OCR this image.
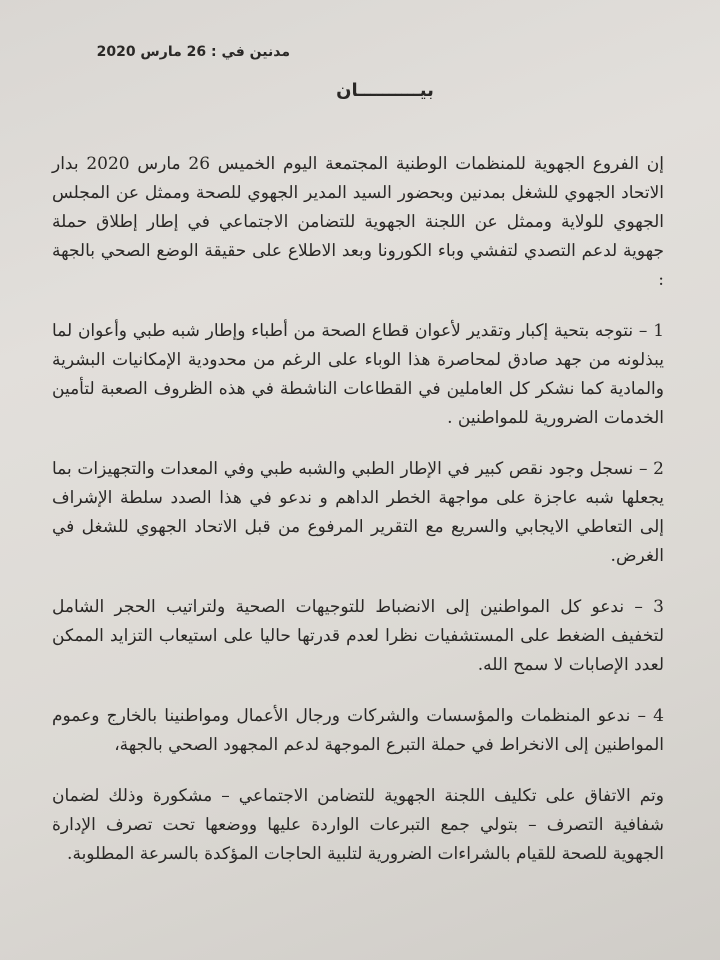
مدنين في : 26 مارس 2020
بيــــــــــان

إن الفروع الجهوية للمنظمات الوطنية المجتمعة اليوم الخميس 26 مارس 2020 بدار الاتحاد الجهوي للشغل بمدنين وبحضور السيد المدير الجهوي للصحة وممثل عن المجلس الجهوي للولاية وممثل عن اللجنة الجهوية للتضامن الاجتماعي في إطار إطلاق حملة جهوية لدعم التصدي لتفشي وباء الكورونا وبعد الاطلاع على حقيقة الوضع الصحي بالجهة :

1 – نتوجه بتحية إكبار وتقدير لأعوان قطاع الصحة من أطباء وإطار شبه طبي وأعوان لما يبذلونه من جهد صادق لمحاصرة هذا الوباء على الرغم من محدودية الإمكانيات البشرية والمادية كما نشكر كل العاملين في القطاعات الناشطة في هذه الظروف الصعبة لتأمين الخدمات الضرورية للمواطنين .

2 – نسجل وجود نقص كبير في الإطار الطبي والشبه طبي وفي المعدات والتجهيزات بما يجعلها شبه عاجزة على مواجهة الخطر الداهم و ندعو في هذا الصدد سلطة الإشراف إلى التعاطي الايجابي والسريع مع التقرير المرفوع من قبل الاتحاد الجهوي للشغل في الغرض.

3 – ندعو كل المواطنين إلى الانضباط للتوجيهات الصحية ولتراتيب الحجر الشامل لتخفيف الضغط على المستشفيات نظرا لعدم قدرتها حاليا على استيعاب التزايد الممكن لعدد الإصابات لا سمح الله.

4 – ندعو المنظمات والمؤسسات والشركات ورجال الأعمال ومواطنينا بالخارج وعموم المواطنين إلى الانخراط في حملة التبرع الموجهة لدعم المجهود الصحي بالجهة،

وتم الاتفاق على تكليف اللجنة الجهوية للتضامن الاجتماعي – مشكورة وذلك لضمان شفافية التصرف – بتولي جمع التبرعات الواردة عليها ووضعها تحت تصرف الإدارة الجهوية للصحة للقيام بالشراءات الضرورية لتلبية الحاجات المؤكدة بالسرعة المطلوبة.
